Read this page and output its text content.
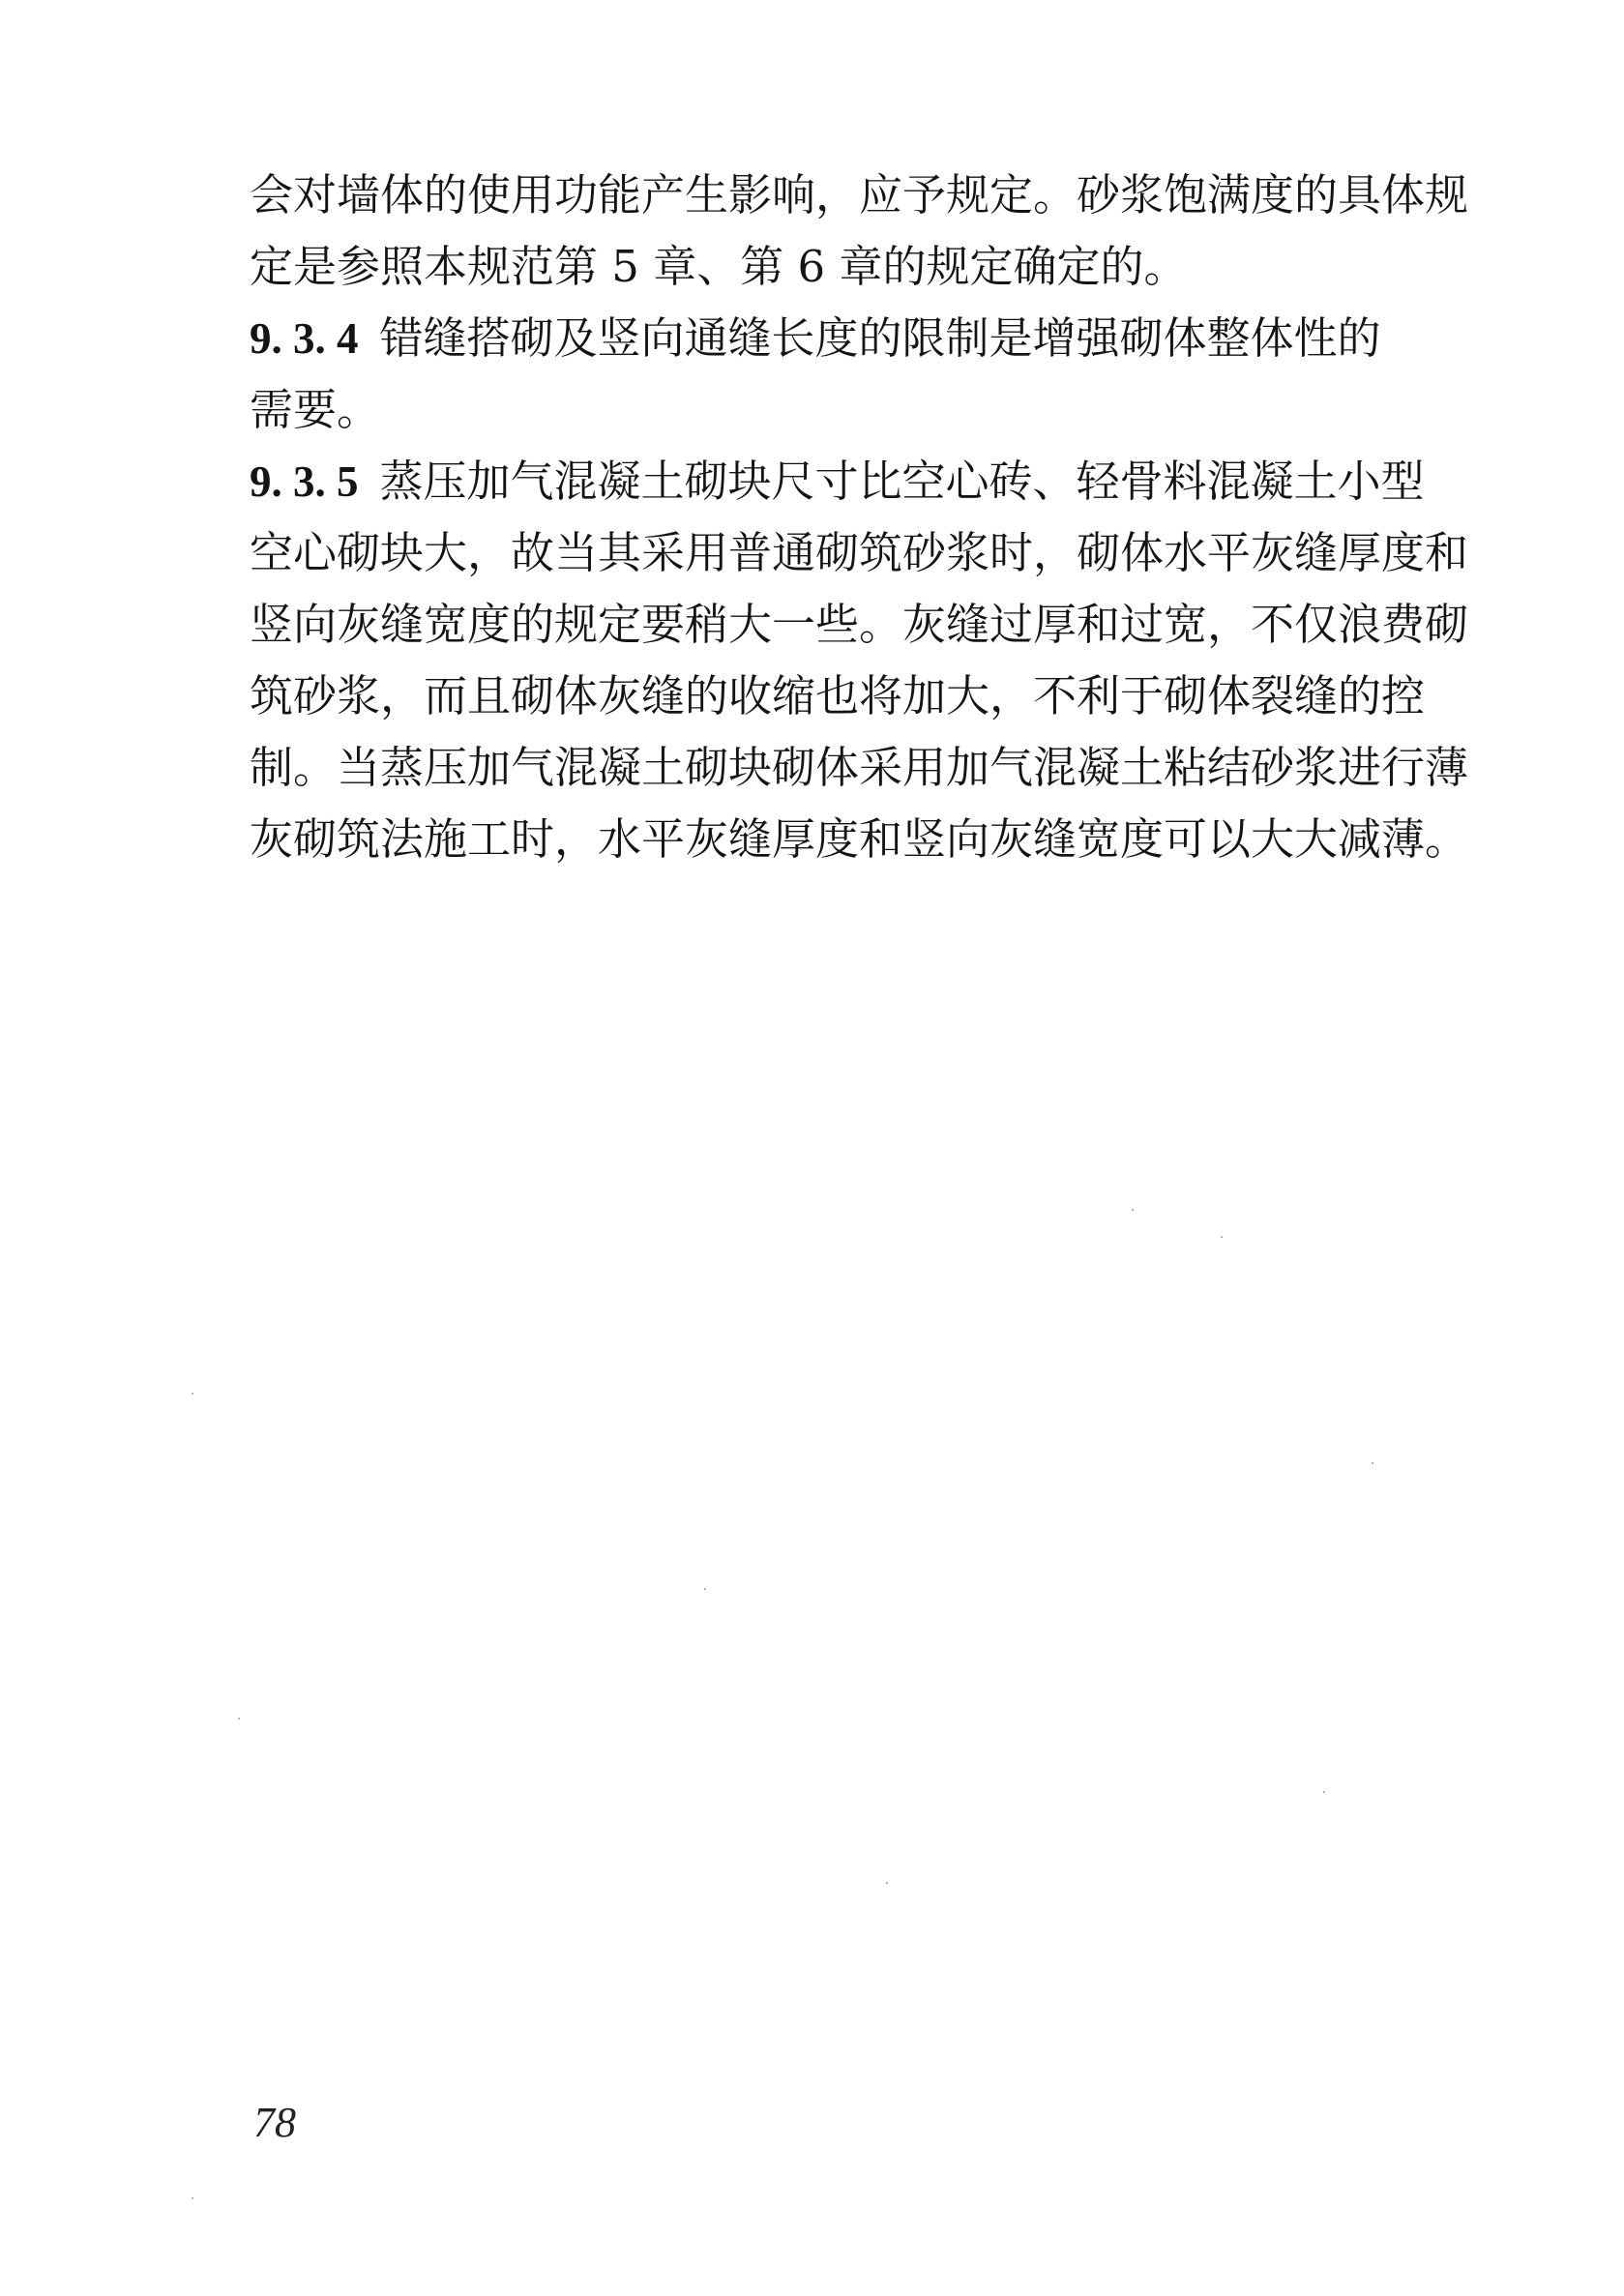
会对墙体的使用功能产生影响，应予规定。砂浆饱满度的具体规
定是参照本规范第 5 章、第 6 章的规定确定的。
9. 3. 4 错缝搭砌及竖向通缝长度的限制是增强砌体整体性的
需要。
9. 3. 5 蒸压加气混凝土砌块尺寸比空心砖、轻骨料混凝土小型
空心砌块大，故当其采用普通砌筑砂浆时，砌体水平灰缝厚度和
竖向灰缝宽度的规定要稍大一些。灰缝过厚和过宽，不仅浪费砌
筑砂浆，而且砌体灰缝的收缩也将加大，不利于砌体裂缝的控
制。当蒸压加气混凝土砌块砌体采用加气混凝土粘结砂浆进行薄
灰砌筑法施工时，水平灰缝厚度和竖向灰缝宽度可以大大减薄。
78
